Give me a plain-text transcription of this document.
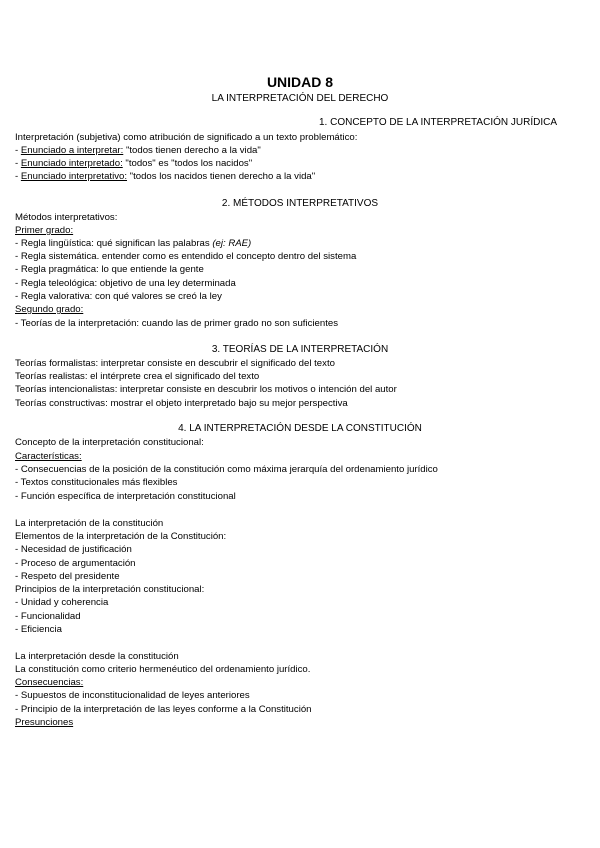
UNIDAD 8
LA INTERPRETACIÓN DEL DERECHO
1. CONCEPTO DE LA INTERPRETACIÓN JURÍDICA
Interpretación (subjetiva) como atribución de significado a un texto problemático:
- Enunciado a interpretar: "todos tienen derecho a la vida"
- Enunciado interpretado: "todos" es "todos los nacidos"
- Enunciado interpretativo: "todos los nacidos tienen derecho a la vida"
2. MÉTODOS INTERPRETATIVOS
Métodos interpretativos:
Primer grado:
- Regla lingüística: qué significan las palabras (ej: RAE)
- Regla sistemática. entender como es entendido el concepto dentro del sistema
- Regla pragmática: lo que entiende la gente
- Regla teleológica: objetivo de una ley determinada
- Regla valorativa: con qué valores se creó la ley
Segundo grado:
- Teorías de la interpretación: cuando las de primer grado no son suficientes
3. TEORÍAS DE LA INTERPRETACIÓN
Teorías formalistas: interpretar consiste en descubrir el significado del texto
Teorías realistas: el intérprete crea el significado del texto
Teorías intencionalistas: interpretar consiste en descubrir los motivos o intención del autor
Teorías constructivas: mostrar el objeto interpretado bajo su mejor perspectiva
4. LA INTERPRETACIÓN DESDE LA CONSTITUCIÓN
Concepto de la interpretación constitucional:
Características:
- Consecuencias de la posición de la constitución como máxima jerarquía del ordenamiento jurídico
- Textos constitucionales más flexibles
- Función específica de interpretación constitucional
La interpretación de la constitución
Elementos de la interpretación de la Constitución:
- Necesidad de justificación
- Proceso de argumentación
- Respeto del presidente
Principios de la interpretación constitucional:
- Unidad y coherencia
- Funcionalidad
- Eficiencia
La interpretación desde la constitución
La constitución como criterio hermenéutico del ordenamiento jurídico.
Consecuencias:
- Supuestos de inconstitucionalidad de leyes anteriores
- Principio de la interpretación de las leyes conforme a la Constitución
Presunciones
